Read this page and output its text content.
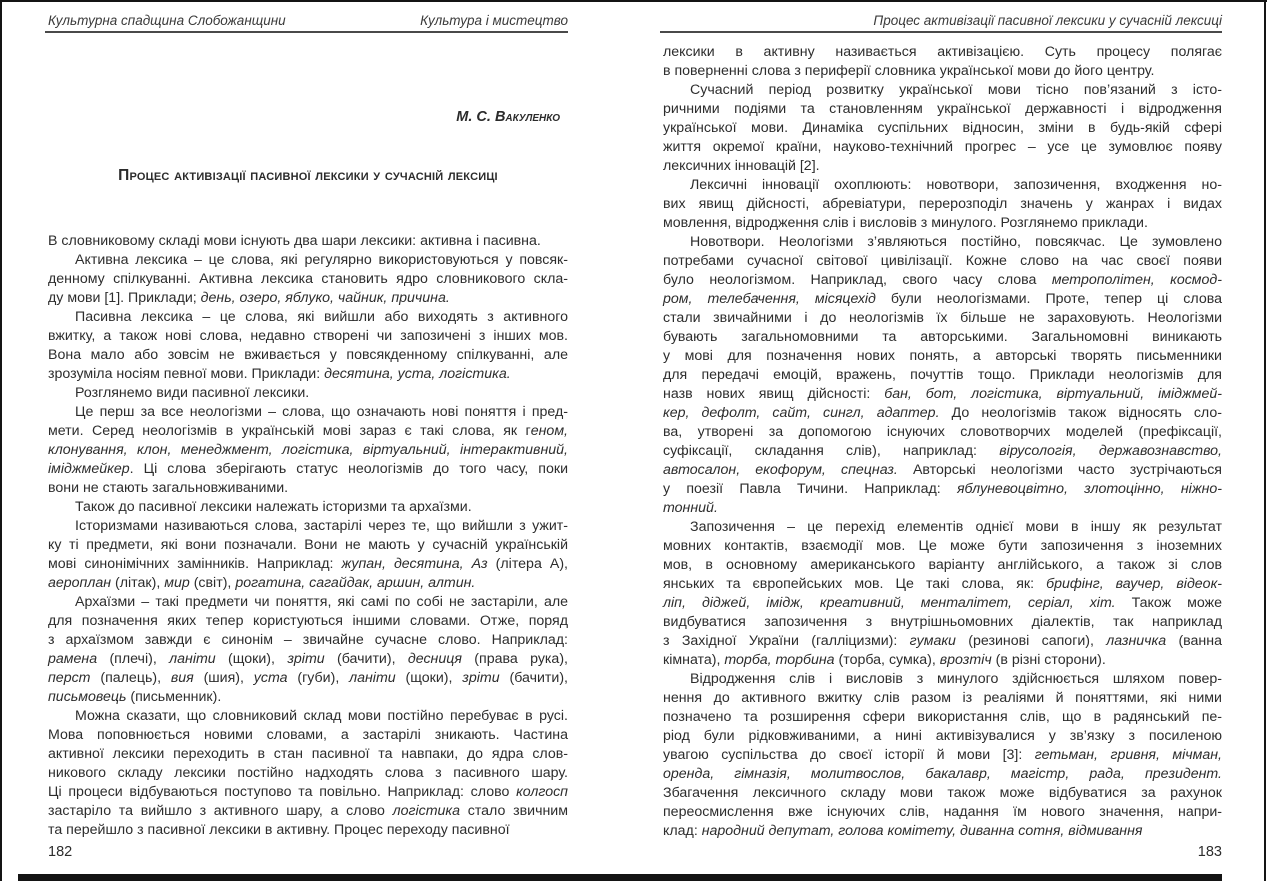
Культурна спадщина Слобожанщини	Культура і мистецтво
М. С. Вакуленко
Процес активізації пасивної лексики у сучасній лексиці
В словниковому складі мови існують два шари лексики: активна і пасивна.
Активна лексика – це слова, які регулярно використовуються у повсяк-
денному спілкуванні. Активна лексика становить ядро словникового скла-
ду мови [1]. Приклади; день, озеро, яблуко, чайник, причина.
Пасивна лексика – це слова, які вийшли або виходять з активного
вжитку, а також нові слова, недавно створені чи запозичені з інших мов.
Вона мало або зовсім не вживається у повсякденному спілкуванні, але
зрозуміла носіям певної мови. Приклади: десятина, уста, логістика.
Розглянемо види пасивної лексики.
Це перш за все неологізми – слова, що означають нові поняття і пред-
мети. Серед неологізмів в українській мові зараз є такі слова, як геном,
клонування, клон, менеджмент, логістика, віртуальний, інтерактивний,
іміджмейкер. Ці слова зберігають статус неологізмів до того часу, поки
вони не стають загальновживаними.
Також до пасивної лексики належать історизми та архаїзми.
Історизмами називаються слова, застарілі через те, що вийшли з ужит-
ку ті предмети, які вони позначали. Вони не мають у сучасній українській
мові синонімічних замінників. Наприклад: жупан, десятина, Аз (літера А),
аероплан (літак), мир (світ), рогатина, сагайдак, аршин, алтин.
Архаїзми – такі предмети чи поняття, які самі по собі не застаріли, але
для позначення яких тепер користуються іншими словами. Отже, поряд
з архаїзмом завжди є синонім – звичайне сучасне слово. Наприклад:
рамена (плечі), ланіти (щоки), зріти (бачити), десниця (права рука),
перст (палець), вия (шия), уста (губи), ланіти (щоки), зріти (бачити),
письмовець (письменник).
Можна сказати, що словниковий склад мови постійно перебуває в русі.
Мова поповнюється новими словами, а застарілі зникають. Частина
активної лексики переходить в стан пасивної та навпаки, до ядра слов-
никового складу лексики постійно надходять слова з пасивного шару.
Ці процеси відбуваються поступово та повільно. Наприклад: слово колгосп
застаріло та вийшло з активного шару, а слово логістика стало звичним
та перейшло з пасивної лексики в активну. Процес переходу пасивної
182
Процес активізації пасивної лексики у сучасній лексиці
лексики в активну називається активізацією. Суть процесу полягає
в поверненні слова з периферії словника української мови до його центру.
Сучасний період розвитку української мови тісно пов’язаний з істо-
ричними подіями та становленням української державності і відродження
української мови. Динаміка суспільних відносин, зміни в будь-якій сфері
життя окремої країни, науково-технічний прогрес – усе це зумовлює появу
лексичних інновацій [2].
Лексичні інновації охоплюють: новотвори, запозичення, входження но-
вих явищ дійсності, абревіатури, перерозподіл значень у жанрах і видах
мовлення, відродження слів і висловів з минулого. Розглянемо приклади.
Новотвори. Неологізми з’являються постійно, повсякчас. Це зумовлено
потребами сучасної світової цивілізації. Кожне слово на час своєї появи
було неологізмом. Наприклад, свого часу слова метрополітен, космод-
ром, телебачення, місяцехід були неологізмами. Проте, тепер ці слова
стали звичайними і до неологізмів їх більше не зараховують. Неологізми
бувають загальномовними та авторськими. Загальномовні виникають
у мові для позначення нових понять, а авторські творять письменники
для передачі емоцій, вражень, почуттів тощо. Приклади неологізмів для
назв нових явищ дійсності: бан, бот, логістика, віртуальний, іміджмей-
кер, дефолт, сайт, сингл, адаптер. До неологізмів також відносять сло-
ва, утворені за допомогою існуючих словотворчих моделей (префіксації,
суфіксації, складання слів), наприклад: вірусологія, державознавство,
автосалон, екофорум, спецназ. Авторські неологізми часто зустрічаються
у поезії Павла Тичини. Наприклад: яблуневоцвітно, злотоцінно, ніжно-
тонний.
Запозичення – це перехід елементів однієї мови в іншу як результат
мовних контактів, взаємодії мов. Це може бути запозичення з іноземних
мов, в основному американського варіанту англійського, а також зі слов
янських та європейських мов. Це такі слова, як: брифінг, ваучер, відеок-
ліп, діджей, імідж, креативний, менталітет, серіал, хіт. Також може
видбуватися запозичення з внутрішньомовних діалектів, так наприклад
з Західної України (галліцизми): гумаки (резинові сапоги), лазничка (ванна
кімната), торба, торбина (торба, сумка), врозтіч (в різні сторони).
Відродження слів і висловів з минулого здійснюється шляхом повер-
нення до активного вжитку слів разом із реаліями й поняттями, які ними
позначено та розширення сфери використання слів, що в радянський пе-
ріод були рідковживаними, а нині активізувалися у зв’язку з посиленою
увагою суспільства до своєї історії й мови [3]: гетьман, гривня, мічман,
оренда, гімназія, молитвослов, бакалавр, магістр, рада, президент.
Збагачення лексичного складу мови також може відбуватися за рахунок
переосмислення вже існуючих слів, надання їм нового значення, напри-
клад: народний депутат, голова комітету, диванна сотня, відмивання
183
